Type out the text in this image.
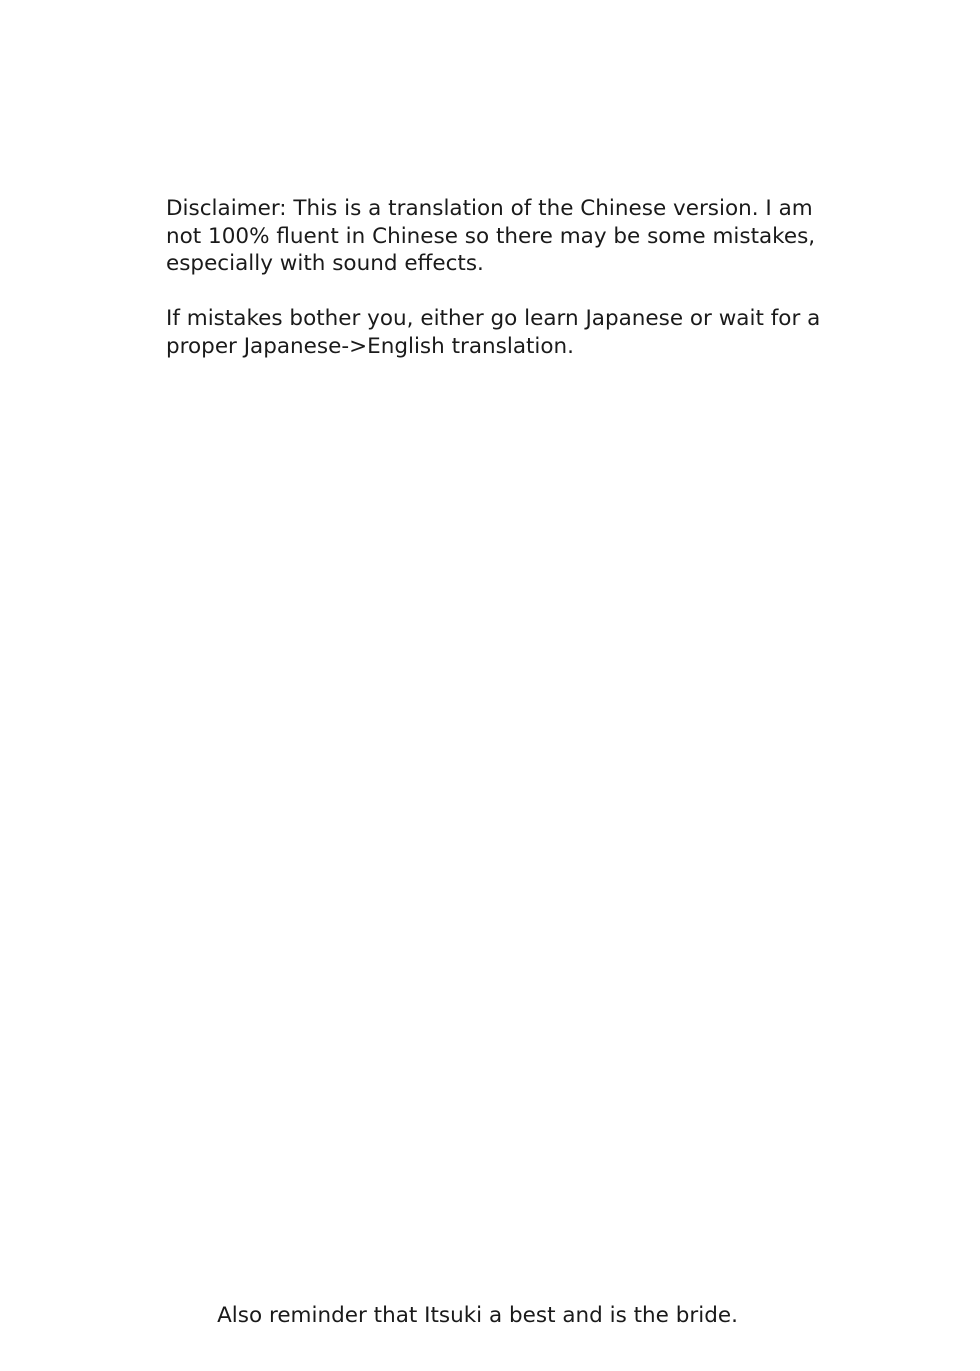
Disclaimer: This is a translation of the Chinese version. I am not 100% fluent in Chinese so there may be some mistakes, especially with sound effects.

If mistakes bother you, either go learn Japanese or wait for a proper Japanese->English translation.

Also reminder that Itsuki a best and is the bride.
